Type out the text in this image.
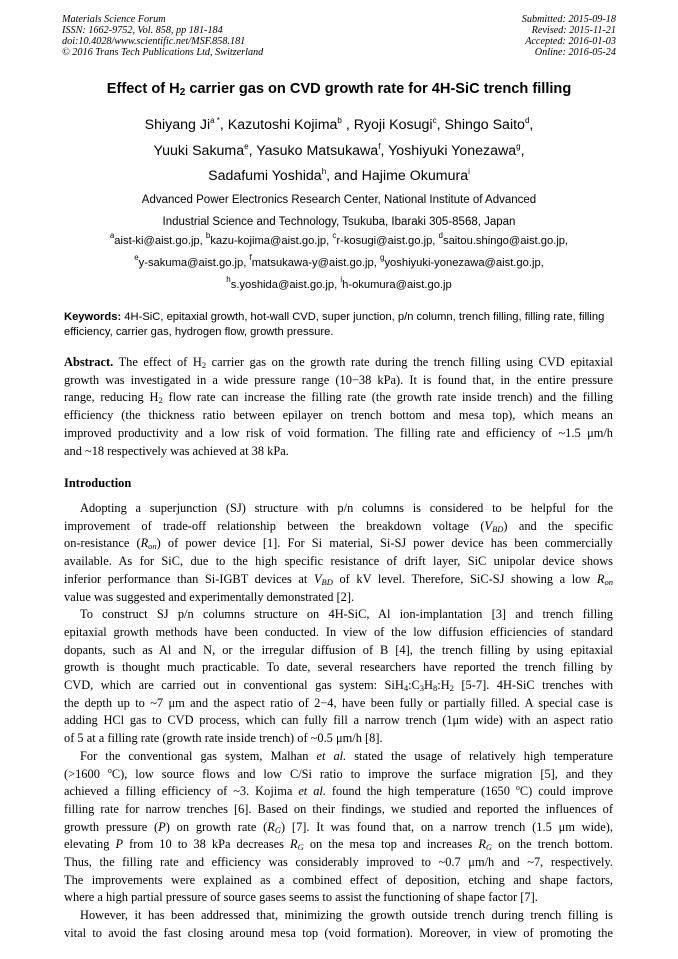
Materials Science Forum
ISSN: 1662-9752, Vol. 858, pp 181-184
doi:10.4028/www.scientific.net/MSF.858.181
© 2016 Trans Tech Publications Ltd, Switzerland
Submitted: 2015-09-18
Revised: 2015-11-21
Accepted: 2016-01-03
Online: 2016-05-24
Effect of $H_2$ carrier gas on CVD growth rate for 4H-SiC trench filling
Shiyang $Ji^{a *}$, Kazutoshi Kojima$^b$ , Ryoji Kosugi$^c$, Shingo Saito$^d$,
Yuuki Sakuma$^e$, Yasuko Matsukawa$^f$, Yoshiyuki Yonezawa$^g$,
Sadafumi Yoshida$^h$, and Hajime Okumura$^i$
Advanced Power Electronics Research Center, National Institute of Advanced
Industrial Science and Technology, Tsukuba, Ibaraki 305-8568, Japan
$^a$aist-ki@aist.go.jp, $^b$kazu-kojima@aist.go.jp, $^c$r-kosugi@aist.go.jp, $^d$saitou.shingo@aist.go.jp,
$^e$y-sakuma@aist.go.jp, $^f$matsukawa-y@aist.go.jp, $^g$yoshiyuki-yonezawa@aist.go.jp,
$^h$s.yoshida@aist.go.jp, $^i$h-okumura@aist.go.jp
Keywords: 4H-SiC, epitaxial growth, hot-wall CVD, super junction, p/n column, trench filling, filling rate, filling efficiency, carrier gas, hydrogen flow, growth pressure.
Abstract. The effect of $H_2$ carrier gas on the growth rate during the trench filling using CVD epitaxial
growth was investigated in a wide pressure range (10−38 kPa). It is found that, in the entire pressure
range, reducing $H_2$ flow rate can increase the filling rate (the growth rate inside trench) and the filling
efficiency (the thickness ratio between epilayer on trench bottom and mesa top), which means an
improved productivity and a low risk of void formation. The filling rate and efficiency of ~1.5 μm/h
and ~18 respectively was achieved at 38 kPa.
Introduction
Adopting a superjunction (SJ) structure with p/n columns is considered to be helpful for the
improvement of trade-off relationship between the breakdown voltage $(V_{BD})$ and the specific
on-resistance $(R_{on})$ of power device [1]. For Si material, Si-SJ power device has been commercially
available. As for SiC, due to the high specific resistance of drift layer, SiC unipolar device shows
inferior performance than Si-IGBT devices at $V_{BD}$ of kV level. Therefore, SiC-SJ showing a low $R_{on}$
value was suggested and experimentally demonstrated [2].
To construct SJ p/n columns structure on 4H-SiC, Al ion-implantation [3] and trench filling
epitaxial growth methods have been conducted. In view of the low diffusion efficiencies of standard
dopants, such as Al and N, or the irregular diffusion of B [4], the trench filling by using epitaxial
growth is thought much practicable. To date, several researchers have reported the trench filling by
CVD, which are carried out in conventional gas system: $SiH_4:C_3H_8:H_2$ [5-7]. 4H-SiC trenches with
the depth up to ~7 μm and the aspect ratio of 2−4, have been fully or partially filled. A special case is
adding HCl gas to CVD process, which can fully fill a narrow trench (1μm wide) with an aspect ratio
of 5 at a filling rate (growth rate inside trench) of ~0.5 μm/h [8].
For the conventional gas system, Malhan et al. stated the usage of relatively high temperature
(>1600 $^o$C), low source flows and low C/Si ratio to improve the surface migration [5], and they
achieved a filling efficiency of ~3. Kojima et al. found the high temperature (1650 $^o$C) could improve
filling rate for narrow trenches [6]. Based on their findings, we studied and reported the influences of
growth pressure (P) on growth rate $(R_G)$ [7]. It was found that, on a narrow trench (1.5 μm wide),
elevating P from 10 to 38 kPa decreases $R_G$ on the mesa top and increases $R_G$ on the trench bottom.
Thus, the filling rate and efficiency was considerably improved to ~0.7 μm/h and ~7, respectively.
The improvements were explained as a combined effect of deposition, etching and shape factors,
where a high partial pressure of source gases seems to assist the functioning of shape factor [7].
However, it has been addressed that, minimizing the growth outside trench during trench filling is
vital to avoid the fast closing around mesa top (void formation). Moreover, in view of promoting the
